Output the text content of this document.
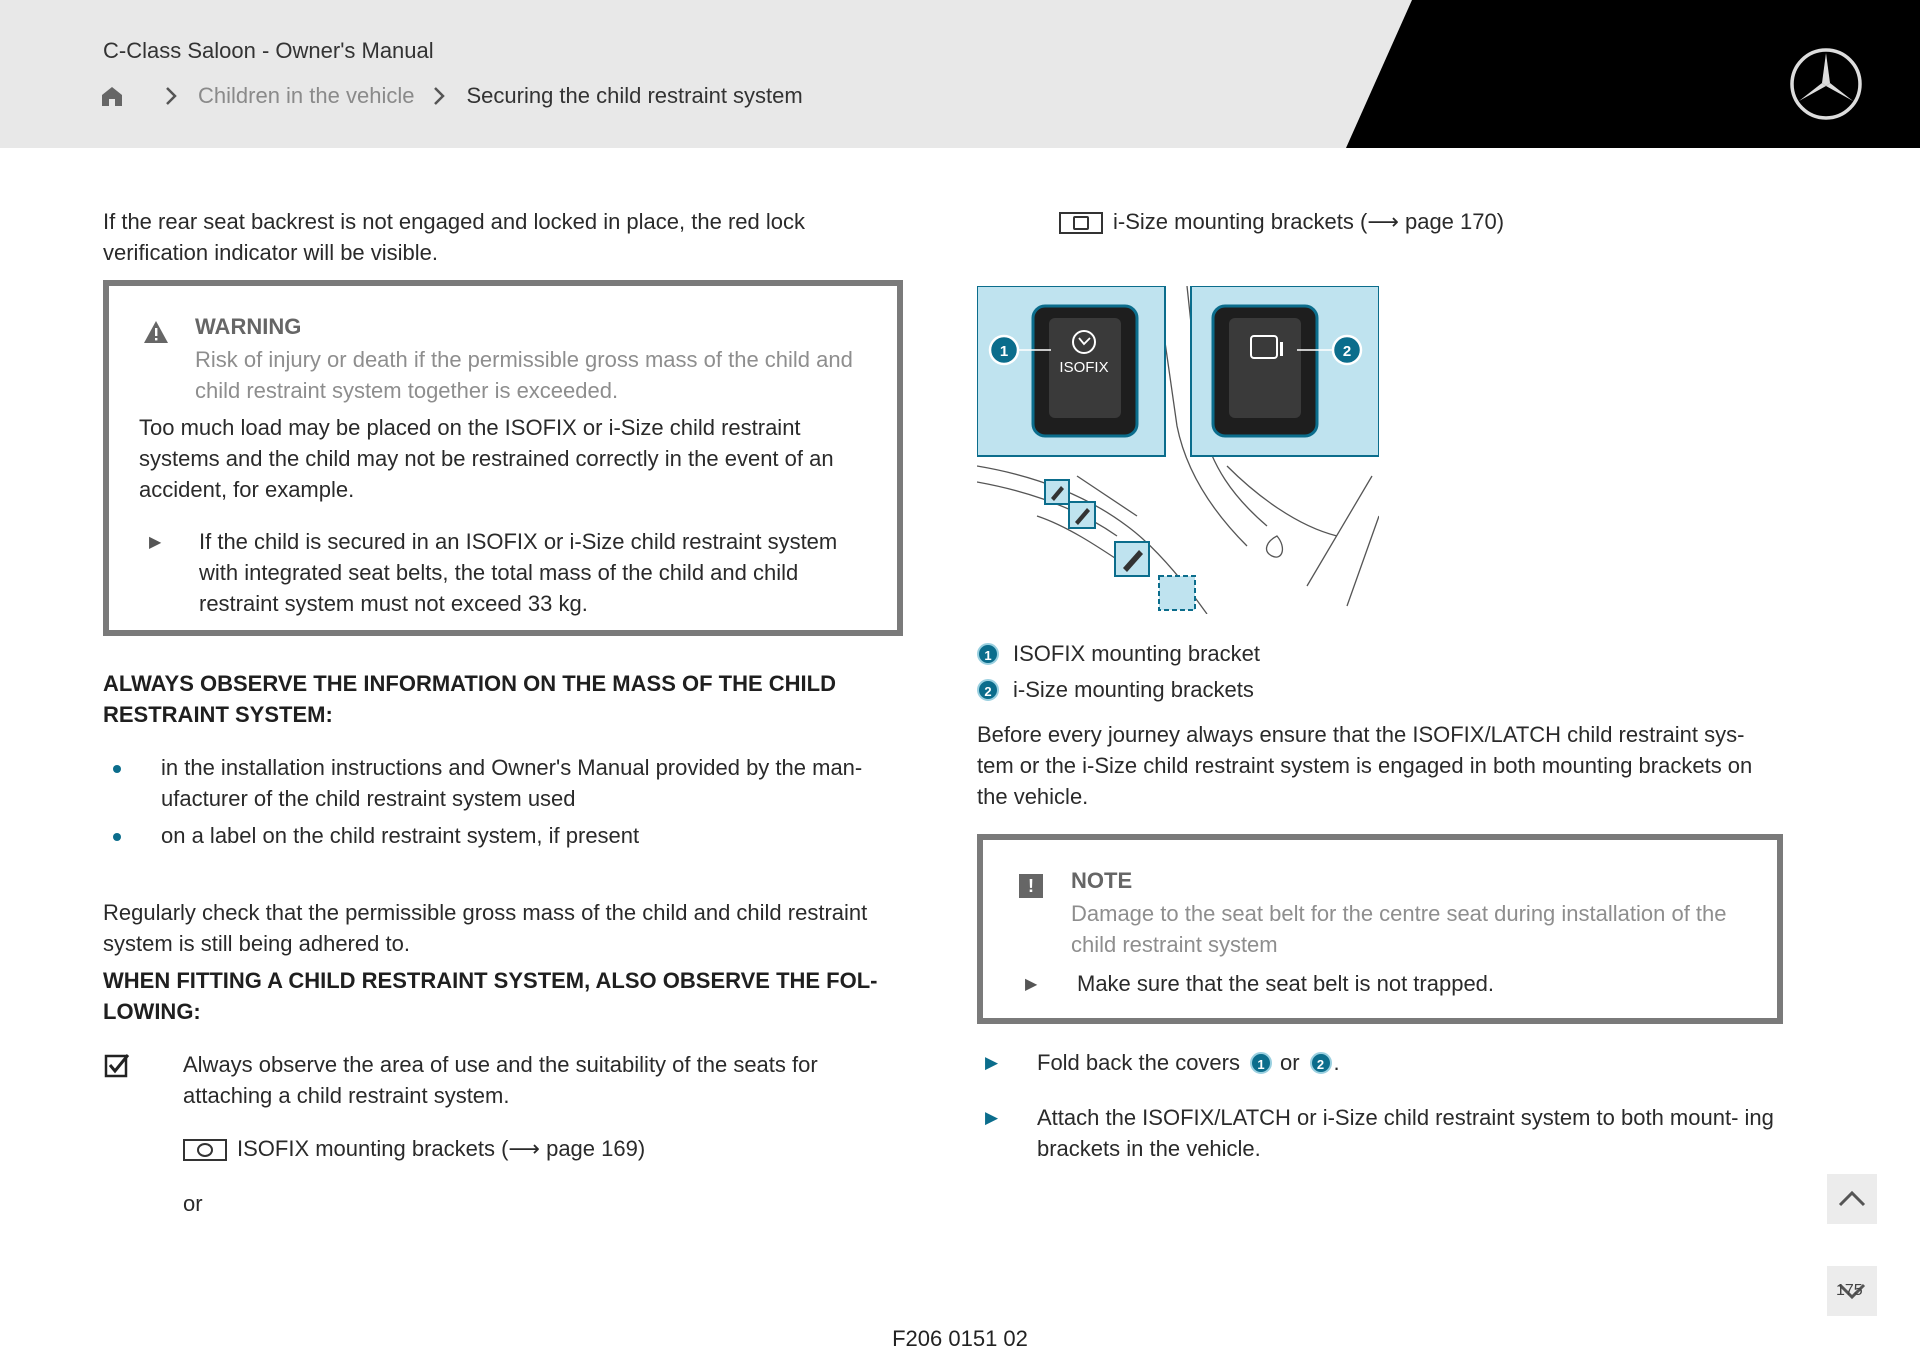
C-Class Saloon - Owner's Manual
Children in the vehicle Securing the child restraint system
If the rear seat backrest is not engaged and locked in place, the red lock verification indicator will be visible.
WARNING
Risk of injury or death if the permissible gross mass of the child and child restraint system together is exceeded.
Too much load may be placed on the ISOFIX or i-Size child restraint systems and the child may not be restrained correctly in the event of an accident, for example.
▶ If the child is secured in an ISOFIX or i-Size child restraint system with integrated seat belts, the total mass of the child and child restraint system must not exceed 33 kg.
ALWAYS OBSERVE THE INFORMATION ON THE MASS OF THE CHILD RESTRAINT SYSTEM:
in the installation instructions and Owner's Manual provided by the man- ufacturer of the child restraint system used
on a label on the child restraint system, if present
Regularly check that the permissible gross mass of the child and child restraint system is still being adhered to.
WHEN FITTING A CHILD RESTRAINT SYSTEM, ALSO OBSERVE THE FOL- LOWING:
Always observe the area of use and the suitability of the seats for attaching a child restraint system.
ISOFIX mounting brackets (⟶ page 169)
or
i-Size mounting brackets (⟶ page 170)
ISOFIX
1	2
1 ISOFIX mounting bracket
2 i-Size mounting brackets
Before every journey always ensure that the ISOFIX/LATCH child restraint sys- tem or the i-Size child restraint system is engaged in both mounting brackets on the vehicle.
!	NOTE
Damage to the seat belt for the centre seat during installation of the child restraint system
▶ Make sure that the seat belt is not trapped.
▶ Fold back the covers	1 or	2 .
▶ Attach the ISOFIX/LATCH or i-Size child restraint system to both mount- ing brackets in the vehicle.
175
F206 0151 02
